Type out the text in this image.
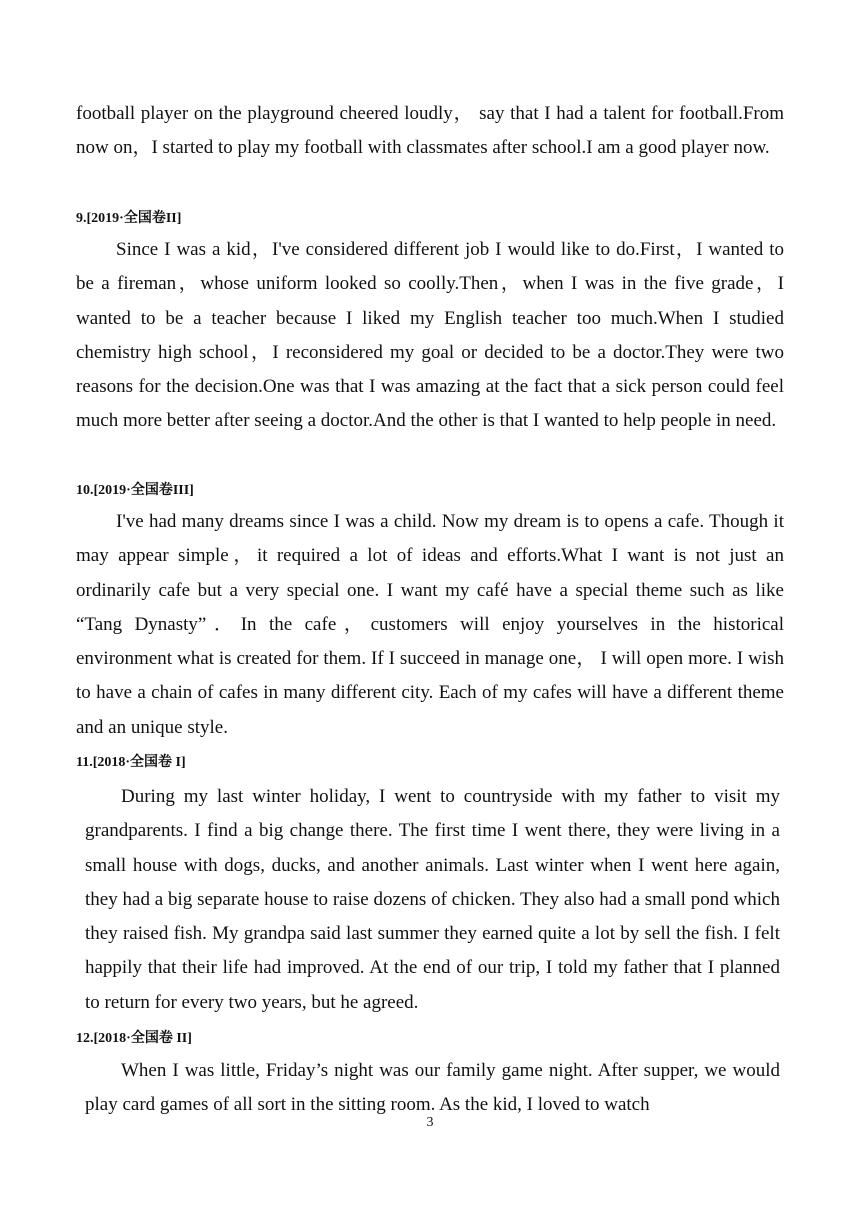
football player on the playground cheered loudly， say that I had a talent for football.From now on，I started to play my football with classmates after school.I am a good player now.

9.[2019·全国卷II]

Since I was a kid，I've considered different job I would like to do.First，I wanted to be a fireman，whose uniform looked so coolly.Then，when I was in the five grade，I wanted to be a teacher because I liked my English teacher too much.When I studied chemistry high school，I reconsidered my goal or decided to be a doctor.They were two reasons for the decision.One was that I was amazing at the fact that a sick person could feel much more better after seeing a doctor.And the other is that I wanted to help people in need.

10.[2019·全国卷III]

I've had many dreams since I was a child. Now my dream is to opens a cafe. Though it may appear simple，it required a lot of ideas and efforts.What I want is not just an ordinarily cafe but a very special one. I want my café have a special theme such as like “Tang Dynasty”．In the cafe，customers will enjoy yourselves in the historical environment what is created for them. If I succeed in manage one， I will open more. I wish to have a chain of cafes in many different city. Each of my cafes will have a different theme and an unique style.

11.[2018·全国卷 I]

During my last winter holiday, I went to countryside with my father to visit my grandparents. I find a big change there. The first time I went there, they were living in a small house with dogs, ducks, and another animals. Last winter when I went here again, they had a big separate house to raise dozens of chicken. They also had a small pond which they raised fish. My grandpa said last summer they earned quite a lot by sell the fish. I felt happily that their life had improved. At the end of our trip, I told my father that I planned to return for every two years, but he agreed.

12.[2018·全国卷 II]

When I was little, Friday’s night was our family game night. After supper, we would play card games of all sort in the sitting room. As the kid, I loved to watch

3
